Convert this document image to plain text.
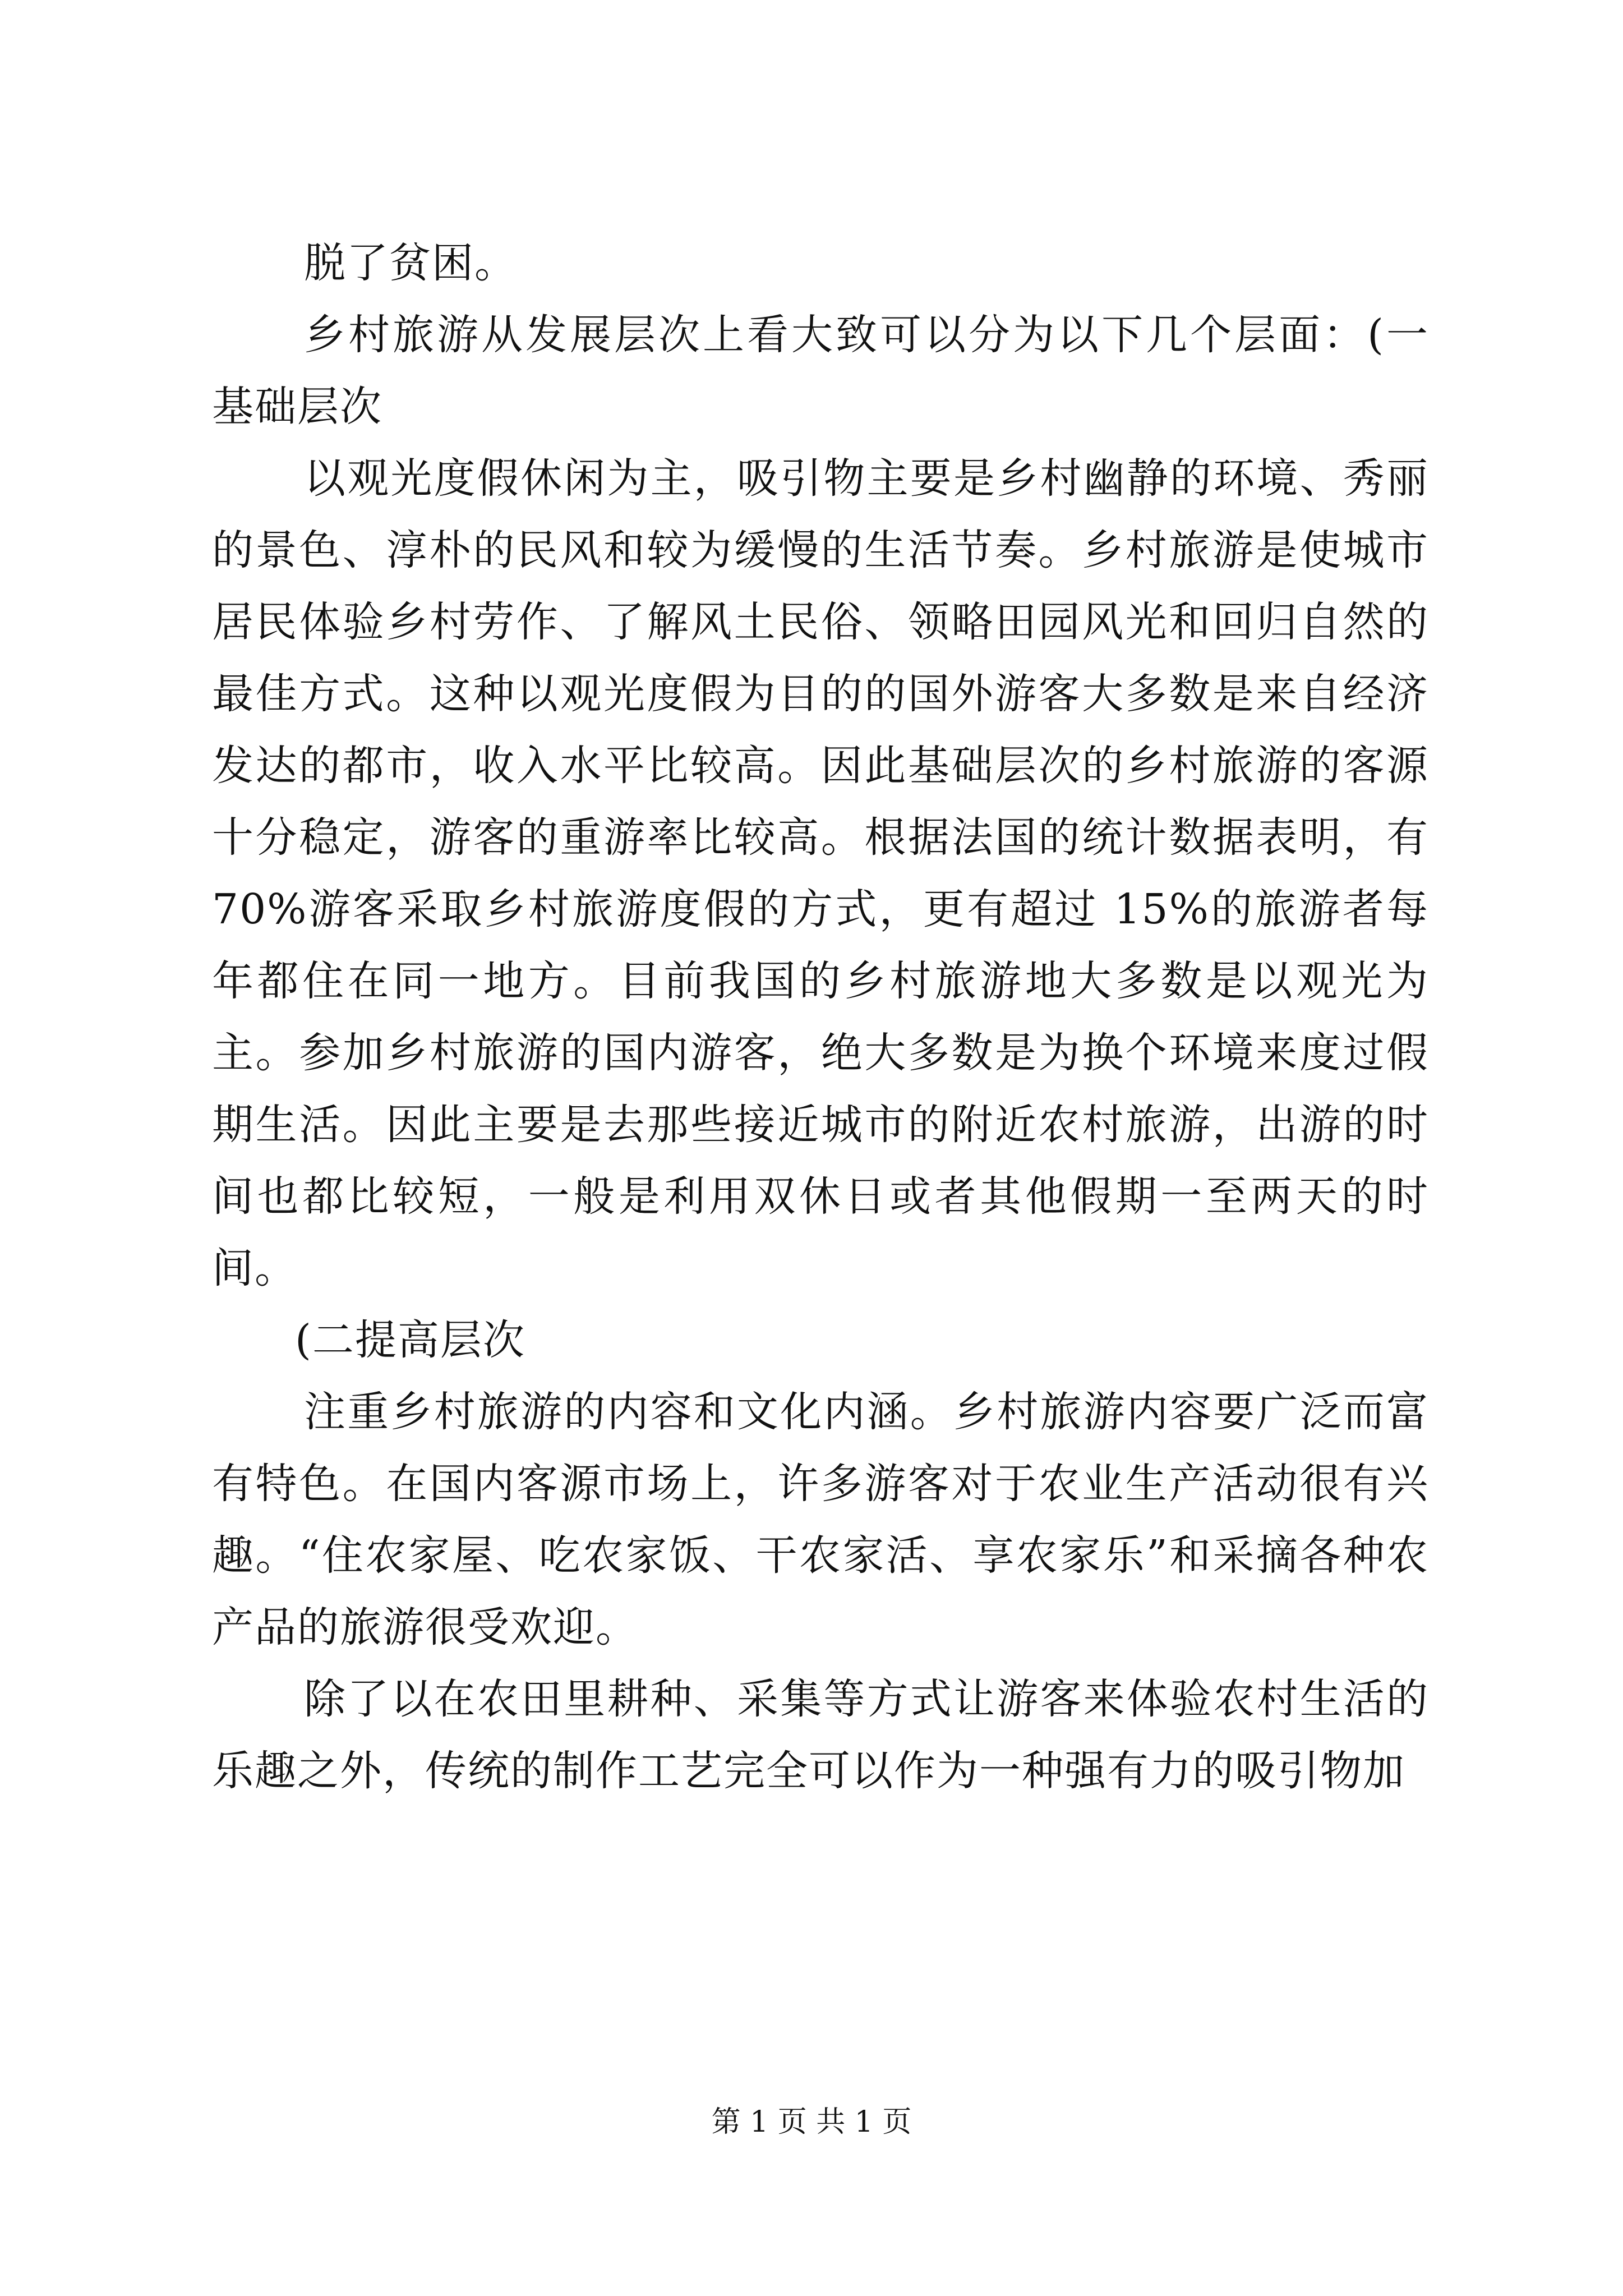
脱了贫困。

乡村旅游从发展层次上看大致可以分为以下几个层面：(一基础层次

以观光度假休闲为主，吸引物主要是乡村幽静的环境、秀丽的景色、淳朴的民风和较为缓慢的生活节奏。乡村旅游是使城市居民体验乡村劳作、了解风土民俗、领略田园风光和回归自然的最佳方式。这种以观光度假为目的的国外游客大多数是来自经济发达的都市，收入水平比较高。因此基础层次的乡村旅游的客源十分稳定，游客的重游率比较高。根据法国的统计数据表明，有 70%游客采取乡村旅游度假的方式，更有超过 15%的旅游者每年都住在同一地方。目前我国的乡村旅游地大多数是以观光为主。参加乡村旅游的国内游客，绝大多数是为换个环境来度过假期生活。因此主要是去那些接近城市的附近农村旅游，出游的时间也都比较短，一般是利用双休日或者其他假期一至两天的时间。

(二提高层次

注重乡村旅游的内容和文化内涵。乡村旅游内容要广泛而富有特色。在国内客源市场上，许多游客对于农业生产活动很有兴趣。“住农家屋、吃农家饭、干农家活、享农家乐”和采摘各种农产品的旅游很受欢迎。

除了以在农田里耕种、采集等方式让游客来体验农村生活的乐趣之外，传统的制作工艺完全可以作为一种强有力的吸引物加

第 1 页 共 1 页
